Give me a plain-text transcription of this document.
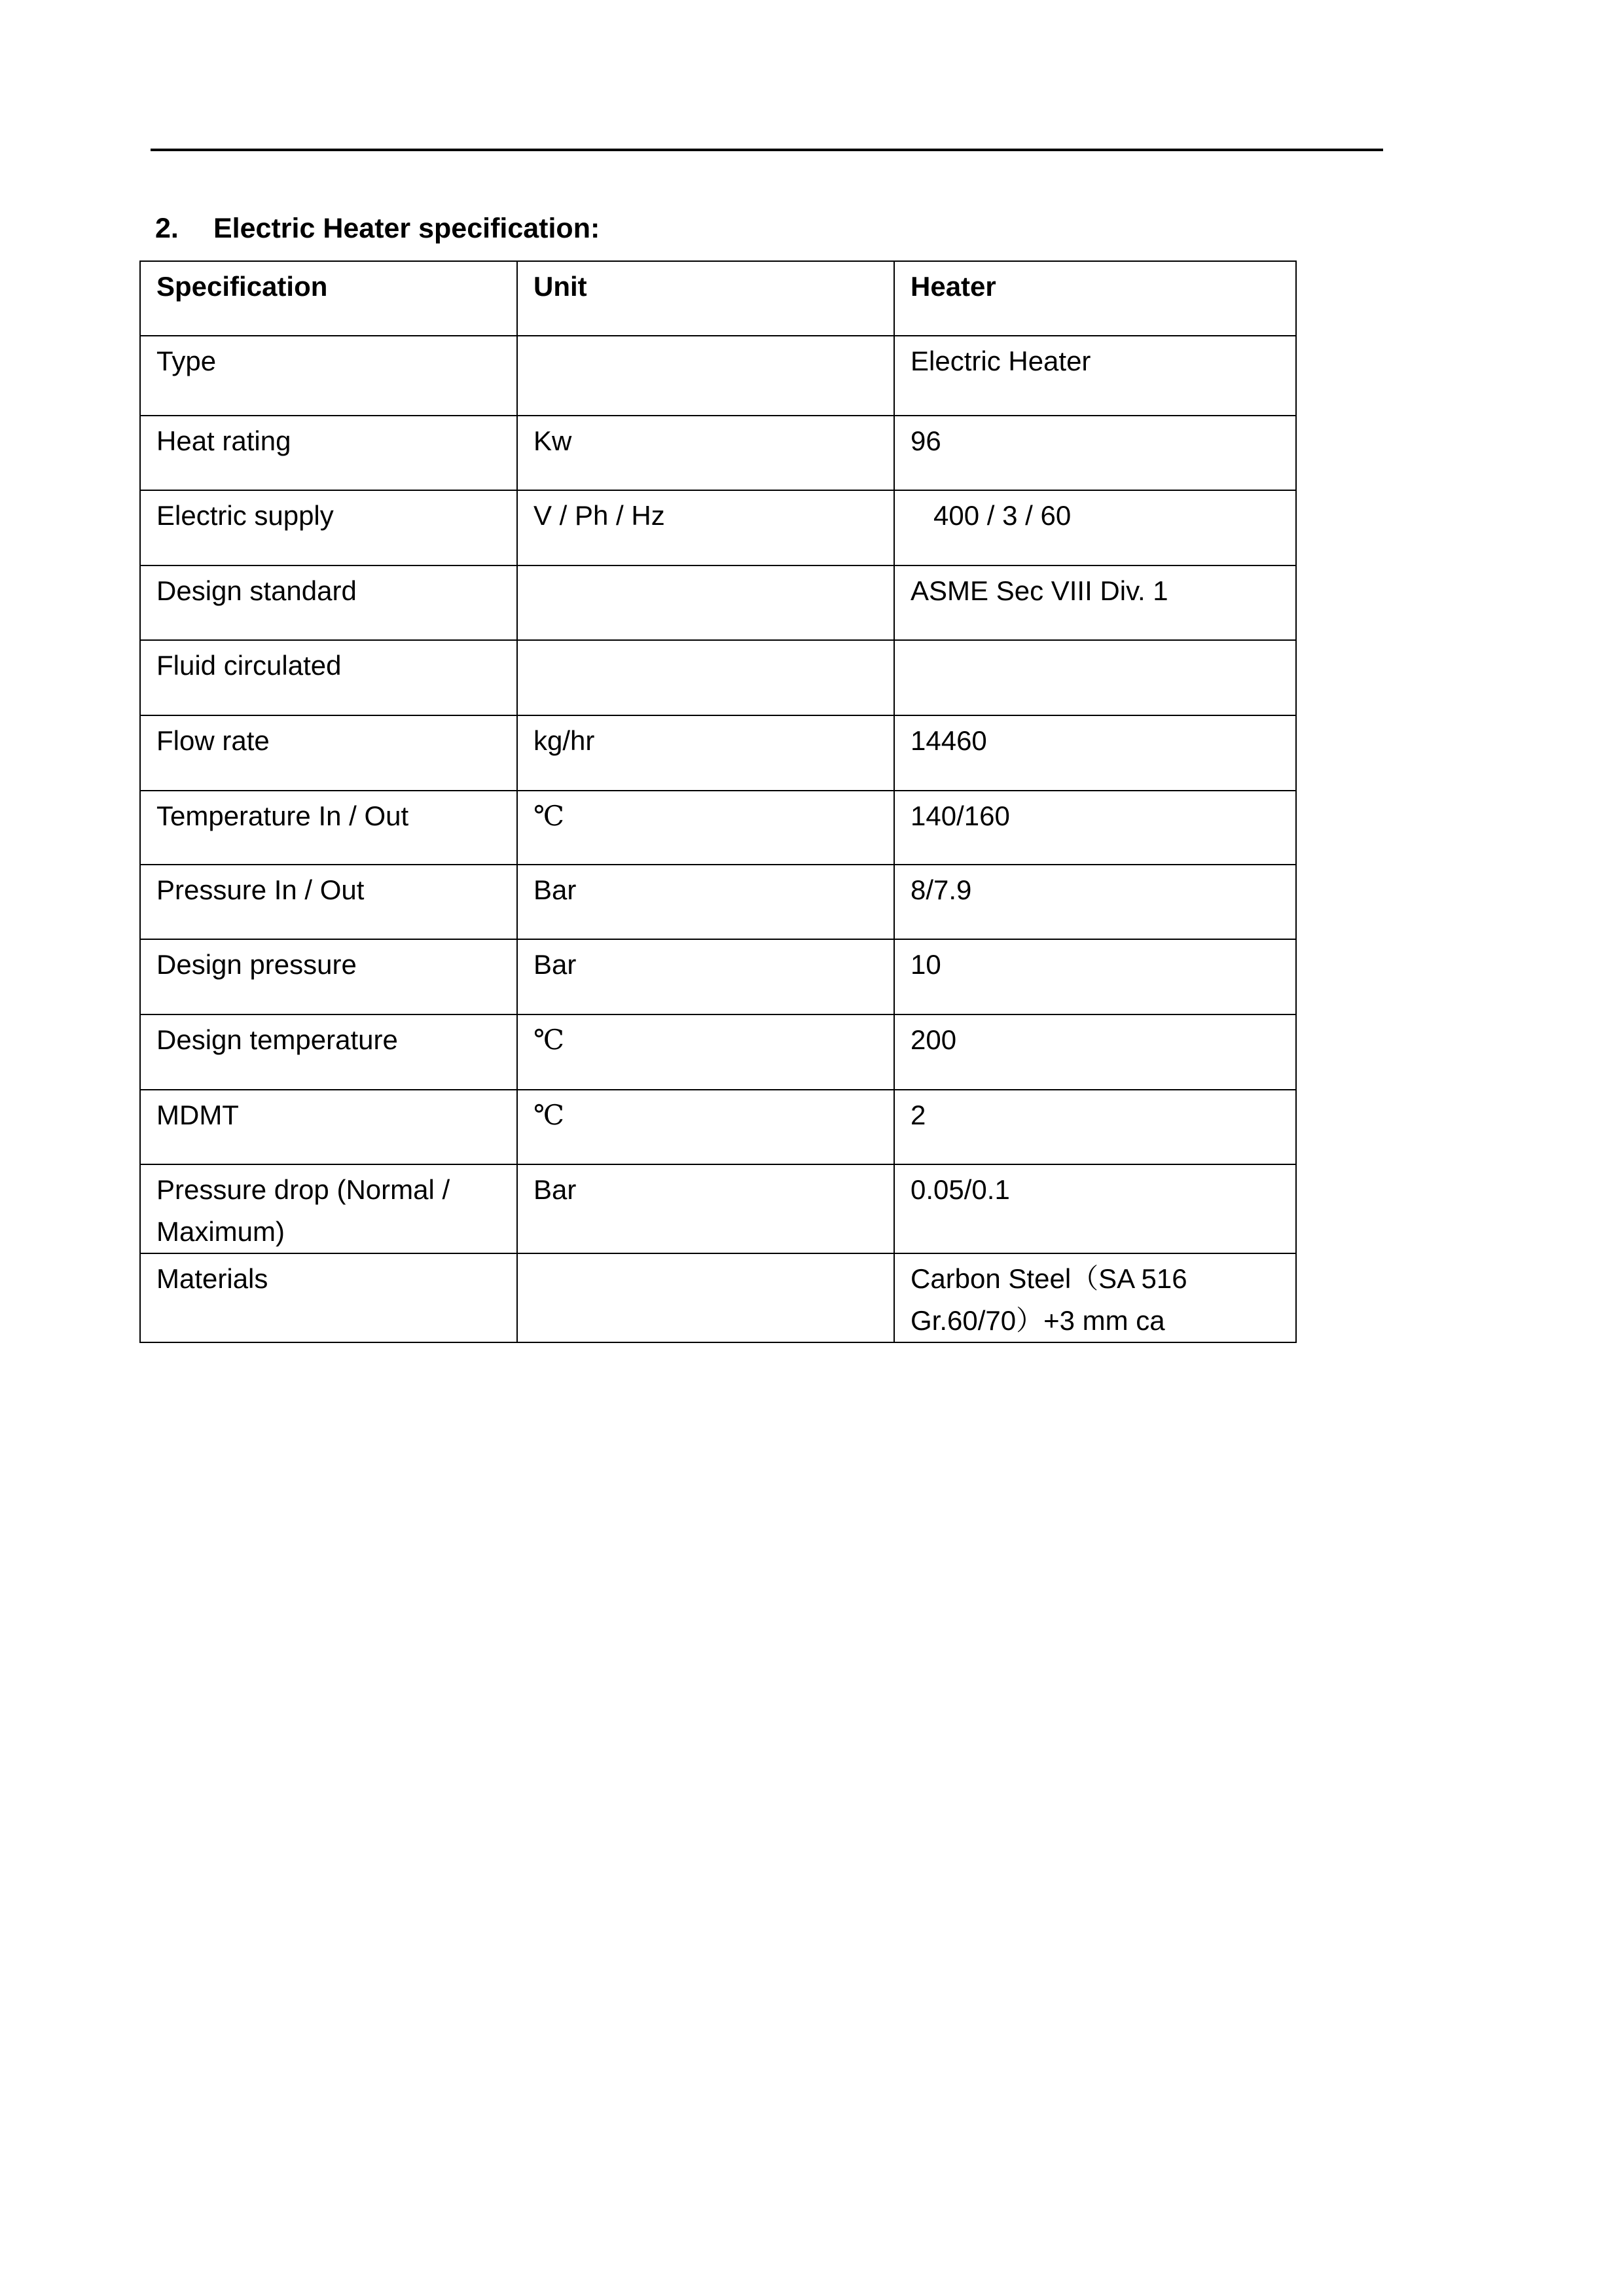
2. Electric Heater specification:
Specification	Unit	Heater
Type		Electric Heater
Heat rating	Kw	96
Electric supply	V / Ph / Hz	400 / 3 / 60
Design standard		ASME Sec VIII Div. 1
Fluid circulated		
Flow rate	kg/hr	14460
Temperature In / Out	℃	140/160
Pressure In / Out	Bar	8/7.9
Design pressure	Bar	10
Design temperature	℃	200
MDMT	℃	2
Pressure drop (Normal / Maximum)	Bar	0.05/0.1
Materials		Carbon Steel（SA 516 Gr.60/70）+3 mm ca
